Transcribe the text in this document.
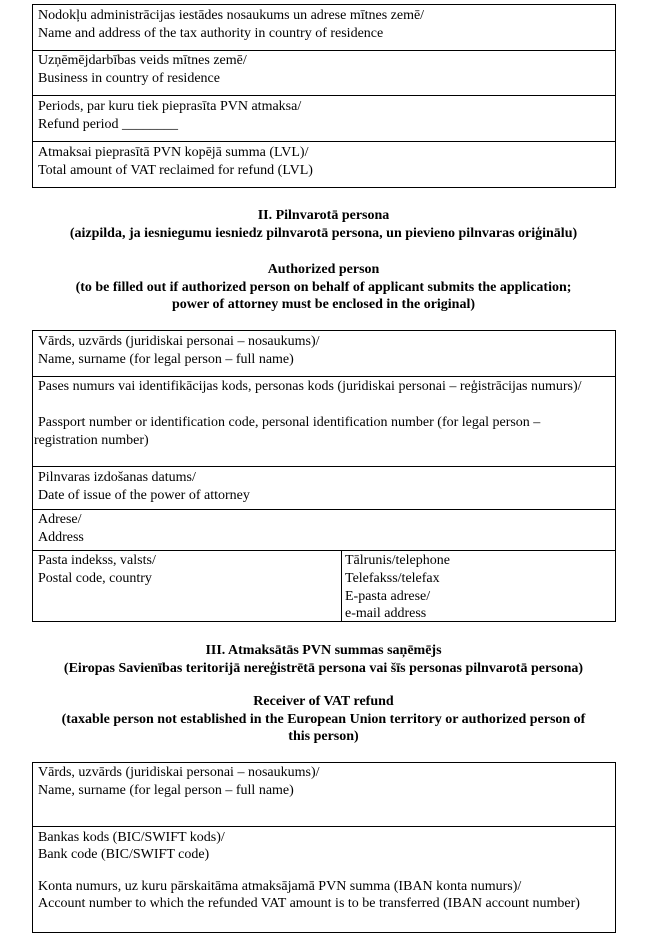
Nodokļu administrācijas iestādes nosaukums un adrese mītnes zemē/
Name and address of the tax authority in country of residence
Uzņēmējdarbības veids mītnes zemē/
Business in country of residence
Periods, par kuru tiek pieprasīta PVN atmaksa/
Refund period ________
Atmaksai pieprasītā PVN kopējā summa (LVL)/
Total amount of VAT reclaimed for refund (LVL)
II. Pilnvarotā persona
(aizpilda, ja iesniegumu iesniedz pilnvarotā persona, un pievieno pilnvaras oriģinālu)
Authorized person
(to be filled out if authorized person on behalf of applicant submits the application;
power of attorney must be enclosed in the original)
Vārds, uzvārds (juridiskai personai – nosaukums)/
Name, surname (for legal person – full name)
Pases numurs vai identifikācijas kods, personas kods (juridiskai personai – reģistrācijas numurs)/
Passport number or identification code, personal identification number (for legal person – registration number)
Pilnvaras izdošanas datums/
Date of issue of the power of attorney
Adrese/
Address
Pasta indekss, valsts/
Postal code, country
Tālrunis/telephone
Telefakss/telefax
E-pasta adrese/
e-mail address
III. Atmaksātās PVN summas saņēmējs
(Eiropas Savienības teritorijā nereģistrētā persona vai šīs personas pilnvarotā persona)
Receiver of VAT refund
(taxable person not established in the European Union territory or authorized person of
this person)
Vārds, uzvārds (juridiskai personai – nosaukums)/
Name, surname (for legal person – full name)
Bankas kods (BIC/SWIFT kods)/
Bank code (BIC/SWIFT code)
Konta numurs, uz kuru pārskaitāma atmaksājamā PVN summa (IBAN konta numurs)/
Account number to which the refunded VAT amount is to be transferred (IBAN account number)
